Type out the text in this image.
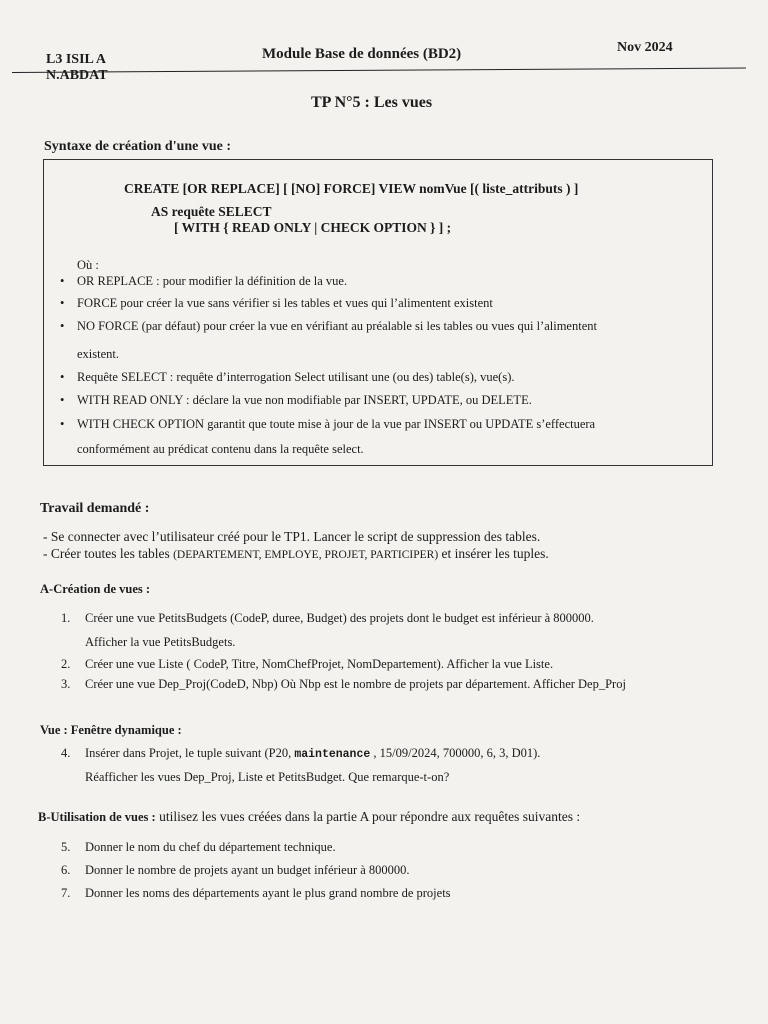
L3 ISIL A
N.ABDAT
Module Base de données (BD2)	Nov 2024
TP N°5 : Les vues
Syntaxe de création d'une vue :
CREATE [OR REPLACE] [ [NO] FORCE] VIEW nomVue [( liste_attributs ) ]
AS requête SELECT
[ WITH { READ ONLY | CHECK OPTION } ] ;
Où :
• OR REPLACE : pour modifier la définition de la vue.
• FORCE pour créer la vue sans vérifier si les tables et vues qui l’alimentent existent
• NO FORCE (par défaut) pour créer la vue en vérifiant au préalable si les tables ou vues qui l’alimentent
existent.
• Requête SELECT : requête d’interrogation Select utilisant une (ou des) table(s), vue(s).
• WITH READ ONLY : déclare la vue non modifiable par INSERT, UPDATE, ou DELETE.
• WITH CHECK OPTION garantit que toute mise à jour de la vue par INSERT ou UPDATE s’effectuera
conformément au prédicat contenu dans la requête select.
Travail demandé :
- Se connecter avec l’utilisateur créé pour le TP1. Lancer le script de suppression des tables.
- Créer toutes les tables (DEPARTEMENT, EMPLOYE, PROJET, PARTICIPER) et insérer les tuples.
A-Création de vues :
1. Créer une vue PetitsBudgets (CodeP, duree, Budget) des projets dont le budget est inférieur à 800000.
Afficher la vue PetitsBudgets.
2. Créer une vue Liste ( CodeP, Titre, NomChefProjet, NomDepartement). Afficher la vue Liste.
3. Créer une vue Dep_Proj(CodeD, Nbp) Où Nbp est le nombre de projets par département. Afficher Dep_Proj
Vue : Fenêtre dynamique :
4. Insérer dans Projet, le tuple suivant (P20, maintenance , 15/09/2024, 700000, 6, 3, D01).
Réafficher les vues Dep_Proj, Liste et PetitsBudget. Que remarque-t-on?
B-Utilisation de vues : utilisez les vues créées dans la partie A pour répondre aux requêtes suivantes :
5. Donner le nom du chef du département technique.
6. Donner le nombre de projets ayant un budget inférieur à 800000.
7. Donner les noms des départements ayant le plus grand nombre de projets
